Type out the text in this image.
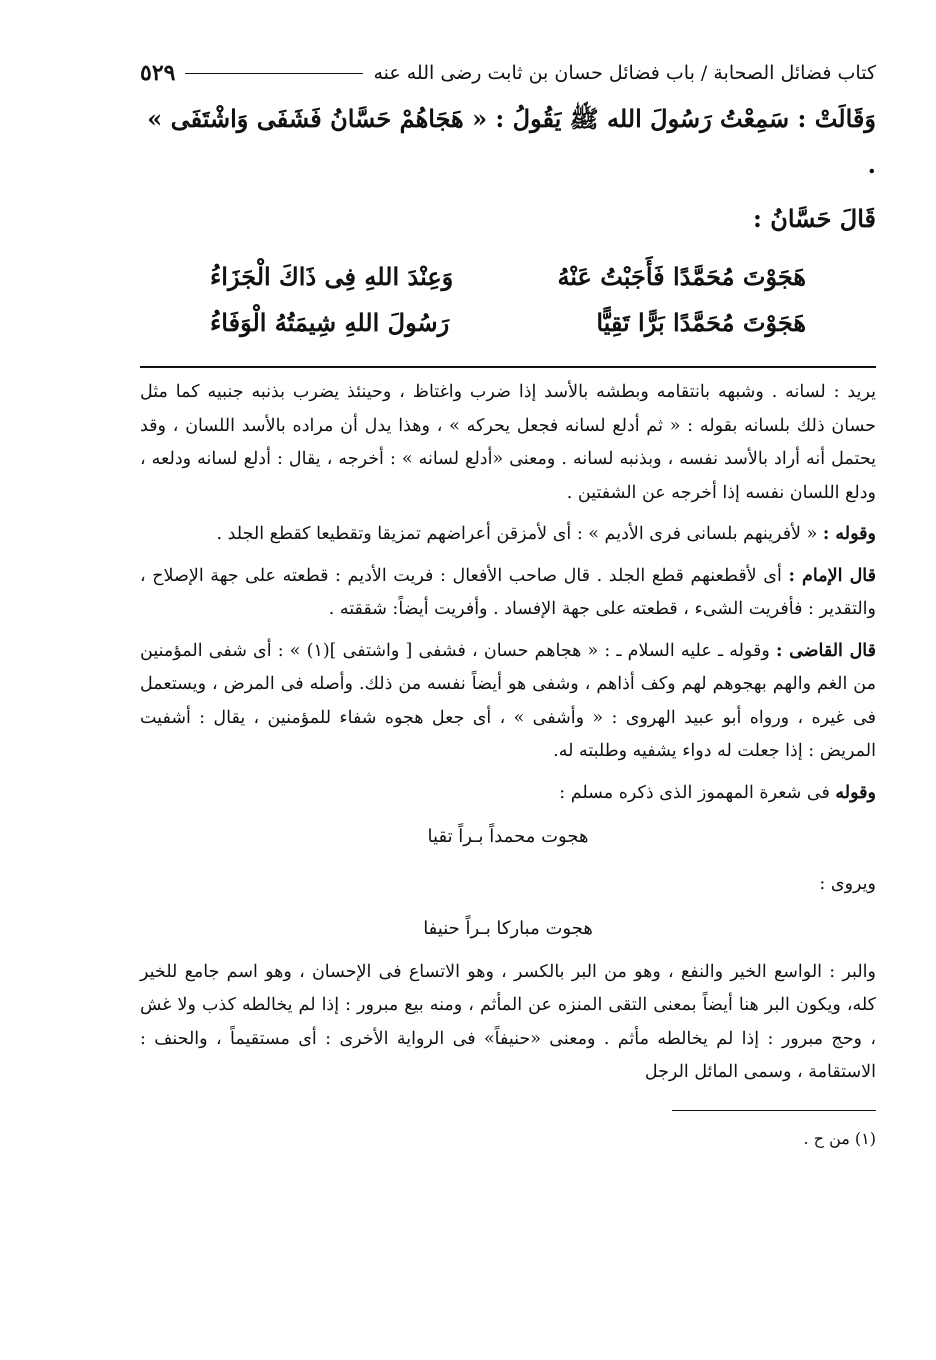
كتاب فضائل الصحابة / باب فضائل حسان بن ثابت رضى الله عنه
٥٢٩
وَقَالَتْ : سَمِعْتُ رَسُولَ الله ﷺ يَقُولُ : « هَجَاهُمْ حَسَّانُ فَشَفَى وَاشْتَفَى » .
قَالَ حَسَّانُ :
هَجَوْتَ مُحَمَّدًا فَأَجَبْتُ عَنْهُ
وَعِنْدَ اللهِ فِى ذَاكَ الْجَزَاءُ
هَجَوْتَ مُحَمَّدًا بَرًّا تَقِيًّا
رَسُولَ اللهِ شِيمَتُهُ الْوَفَاءُ

يريد : لسانه . وشبهه بانتقامه وبطشه بالأسد إذا ضرب واغتاظ ، وحينئذ يضرب بذنبه جنبيه كما مثل حسان ذلك بلسانه بقوله : « ثم أدلع لسانه فجعل يحركه » ، وهذا يدل أن مراده بالأسد اللسان ، وقد يحتمل أنه أراد بالأسد نفسه ، وبذنبه لسانه . ومعنى «أدلع لسانه » : أخرجه ، يقال : أدلع لسانه ودلعه ، ودلع اللسان نفسه إذا أخرجه عن الشفتين .

وقوله : « لأفرينهم بلسانى فرى الأديم » : أى لأمزقن أعراضهم تمزيقا وتقطيعا كقطع الجلد .

قال الإمام : أى لأقطعنهم قطع الجلد . قال صاحب الأفعال : فريت الأديم : قطعته على جهة الإصلاح ، والتقدير : فأفريت الشىء ، قطعته على جهة الإفساد . وأفريت أيضاً: شققته .

قال القاضى : وقوله ـ عليه السلام ـ : « هجاهم حسان ، فشفى [ واشتفى ](١) » : أى شفى المؤمنين من الغم والهم بهجوهم لهم وكف أذاهم ، وشفى هو أيضاً نفسه من ذلك. وأصله فى المرض ، ويستعمل فى غيره ، ورواه أبو عبيد الهروى : « وأشفى » ، أى جعل هجوه شفاء للمؤمنين ، يقال : أشفيت المريض : إذا جعلت له دواء يشفيه وطلبته له.

وقوله فى شعرة المهموز الذى ذكره مسلم :

هجوت محمداً بـراً تقيا
ويروى :
هجوت مباركا بـراً حنيفا

والبر : الواسع الخير والنفع ، وهو من البر بالكسر ، وهو الاتساع فى الإحسان ، وهو اسم جامع للخير كله، ويكون البر هنا أيضاً بمعنى التقى المنزه عن المأثم ، ومنه بيع مبرور : إذا لم يخالطه كذب ولا غش ، وحج مبرور : إذا لم يخالطه مأثم . ومعنى «حنيفاً» فى الرواية الأخرى : أى مستقيماً ، والحنف : الاستقامة ، وسمى المائل الرجل

(١) من ح .
